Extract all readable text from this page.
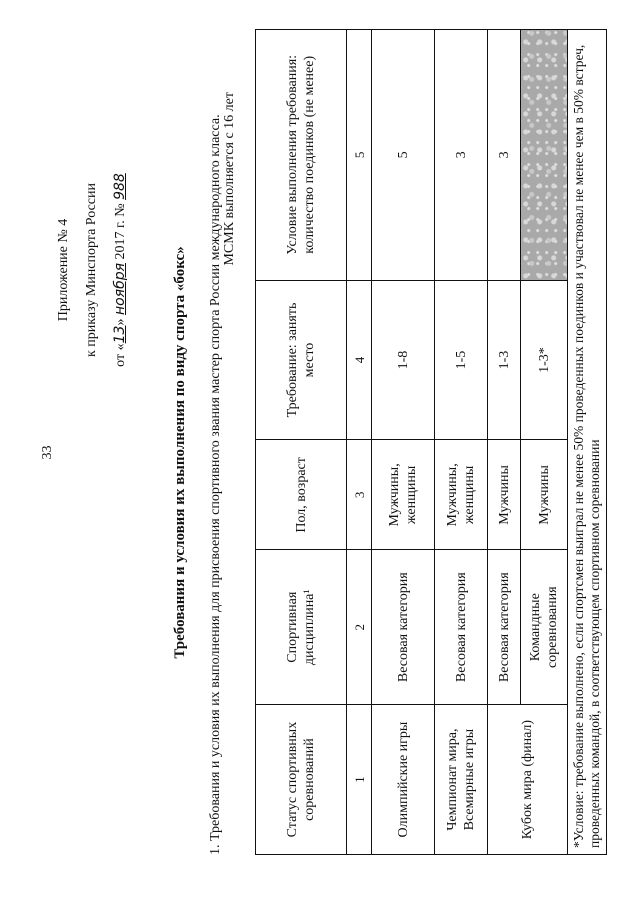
33
Приложение № 4 к приказу Минспорта России	от «13» ноября 2017 г. № 988
Требования и условия их выполнения по виду спорта «бокс» 1. Требования и условия их выполнения для присвоения спортивного звания мастер спорта России международного класса. МСМК выполняется с 16 лет
Статус спортивных соревнований	Спортивная дисциплина¹	Пол, возраст	Требование: занять место	Условие выполнения требования: количество поединков (не менее)
1	2	3	4	5
Олимпийские игры	Весовая категория	Мужчины, женщины	1-8	5
Чемпионат мира, Всемирные игры	Весовая категория	Мужчины, женщины	1-5	3
Кубок мира (финал)	Весовая категория	Мужчины	1-3	3
	Командные соревнования	Мужчины	1-3*	
*Условие: требование выполнено, если спортсмен выиграл не менее 50% проведенных поединков и участвовал не менее чем в 50% встреч, проведенных командой, в соответствующем спортивном соревновании				
